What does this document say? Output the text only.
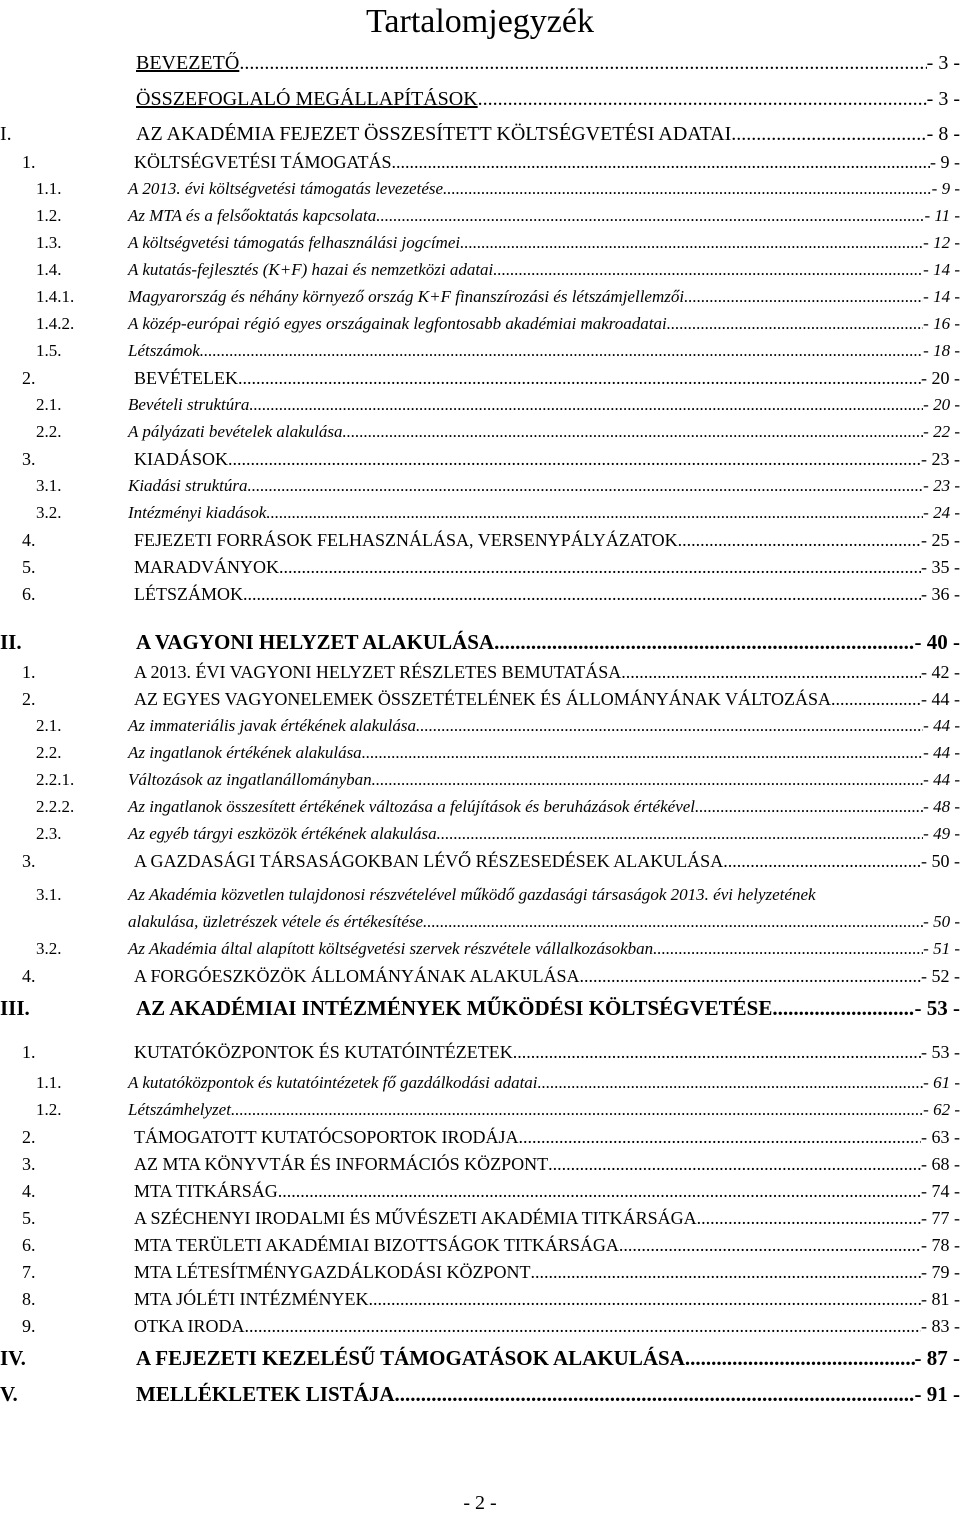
Tartalomjegyzék
BEVEZETŐ .....	- 3 -
ÖSSZEFOGLALÓ MEGÁLLAPÍTÁSOK .....	- 3 -
I.	AZ AKADÉMIA FEJEZET ÖSSZESÍTETT KÖLTSÉGVETÉSI ADATAI .....	- 8 -
1.	KÖLTSÉGVETÉSI TÁMOGATÁS .....	- 9 -
1.1.	A 2013. évi költségvetési támogatás levezetése .....	- 9 -
1.2.	Az MTA és a felsőoktatás kapcsolata .....	- 11 -
1.3.	A költségvetési támogatás felhasználási jogcímei .....	- 12 -
1.4.	A kutatás-fejlesztés (K+F) hazai és nemzetközi adatai .....	- 14 -
1.4.1.	Magyarország és néhány környező ország K+F finanszírozási és létszámjellemzői .....	- 14 -
1.4.2.	A közép-európai régió egyes országainak legfontosabb akadémiai makroadatai .....	- 16 -
1.5.	Létszámok .....	- 18 -
2.	BEVÉTELEK .....	- 20 -
2.1.	Bevételi struktúra .....	- 20 -
2.2.	A pályázati bevételek alakulása .....	- 22 -
3.	KIADÁSOK .....	- 23 -
3.1.	Kiadási struktúra .....	- 23 -
3.2.	Intézményi kiadások .....	- 24 -
4.	FEJEZETI FORRÁSOK FELHASZNÁLÁSA, VERSENYPÁLYÁZATOK .....	- 25 -
5.	MARADVÁNYOK .....	- 35 -
6.	LÉTSZÁMOK .....	- 36 -
II.	A VAGYONI HELYZET ALAKULÁSA .....	- 40 -
1.	A 2013. ÉVI VAGYONI HELYZET RÉSZLETES BEMUTATÁSA .....	- 42 -
2.	AZ EGYES VAGYONELEMEK ÖSSZETÉTELÉNEK ÉS ÁLLOMÁNYÁNAK VÁLTOZÁSA .....	- 44 -
2.1.	Az immateriális javak értékének alakulása .....	- 44 -
2.2.	Az ingatlanok értékének alakulása .....	- 44 -
2.2.1.	Változások az ingatlanállományban .....	- 44 -
2.2.2.	Az ingatlanok összesített értékének változása a felújítások és beruházások értékével .....	- 48 -
2.3.	Az egyéb tárgyi eszközök értékének alakulása .....	- 49 -
3.	A GAZDASÁGI TÁRSASÁGOKBAN LÉVŐ RÉSZESEDÉSEK ALAKULÁSA .....	- 50 -
3.1.	Az Akadémia közvetlen tulajdonosi részvételével működő gazdasági társaságok 2013. évi helyzetének
alakulása, üzletrészek vétele és értékesítése .....	- 50 -
3.2.	Az Akadémia által alapított költségvetési szervek részvétele vállalkozásokban .....	- 51 -
4.	A FORGÓESZKÖZÖK ÁLLOMÁNYÁNAK ALAKULÁSA .....	- 52 -
III.	AZ AKADÉMIAI INTÉZMÉNYEK MŰKÖDÉSI KÖLTSÉGVETÉSE .....	- 53 -
1.	KUTATÓKÖZPONTOK ÉS KUTATÓINTÉZETEK .....	- 53 -
1.1.	A kutatóközpontok és kutatóintézetek fő gazdálkodási adatai .....	- 61 -
1.2.	Létszámhelyzet .....	- 62 -
2.	TÁMOGATOTT KUTATÓCSOPORTOK IRODÁJA .....	- 63 -
3.	AZ MTA KÖNYVTÁR ÉS INFORMÁCIÓS KÖZPONT .....	- 68 -
4.	MTA TITKÁRSÁG .....	- 74 -
5.	A SZÉCHENYI IRODALMI ÉS MŰVÉSZETI AKADÉMIA TITKÁRSÁGA .....	- 77 -
6.	MTA TERÜLETI AKADÉMIAI BIZOTTSÁGOK TITKÁRSÁGA .....	- 78 -
7.	MTA LÉTESÍTMÉNYGAZDÁLKODÁSI KÖZPONT .....	- 79 -
8.	MTA JÓLÉTI INTÉZMÉNYEK .....	- 81 -
9.	OTKA IRODA .....	- 83 -
IV.	A FEJEZETI KEZELÉSŰ TÁMOGATÁSOK ALAKULÁSA .....	- 87 -
V.	MELLÉKLETEK LISTÁJA .....	- 91 -
- 2 -
